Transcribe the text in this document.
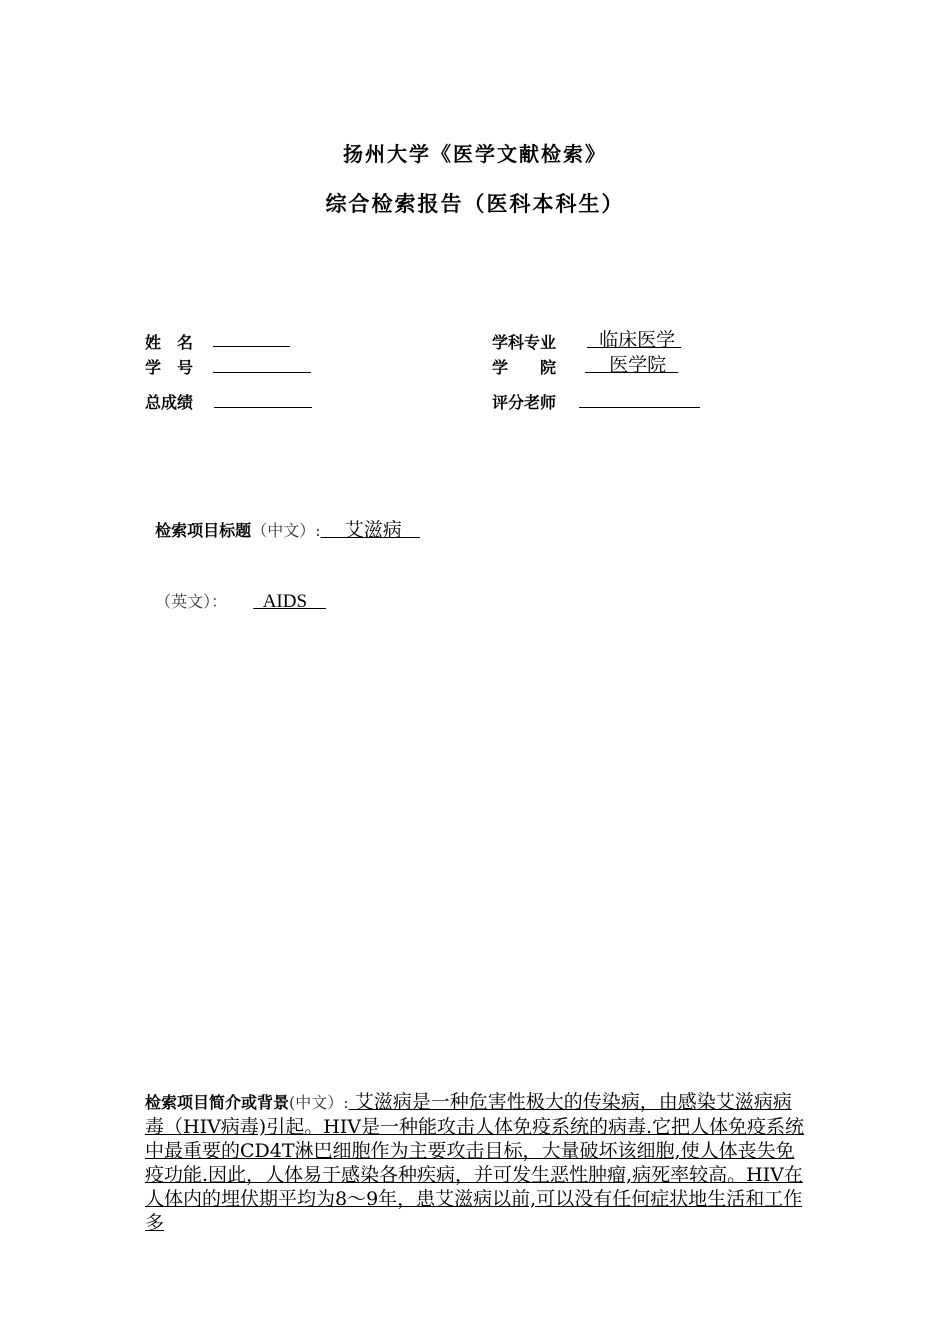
扬州大学《医学文献检索》
综合检索报告（医科本科生）
姓　名
学　号
总成绩
学科专业 临床医学
学　　院 医学院
评分老师

检索项目标题（中文）:    艾滋病

（英文）：  AIDS

检索项目简介或背景(中文）: 艾滋病是一种危害性极大的传染病，由感染艾滋病病毒（HIV病毒)引起。HIV是一种能攻击人体免疫系统的病毒.它把人体免疫系统中最重要的CD4T淋巴细胞作为主要攻击目标，大量破坏该细胞,使人体丧失免疫功能.因此，人体易于感染各种疾病，并可发生恶性肿瘤,病死率较高。HIV在人体内的埋伏期平均为8～9年，患艾滋病以前,可以没有任何症状地生活和工作多
